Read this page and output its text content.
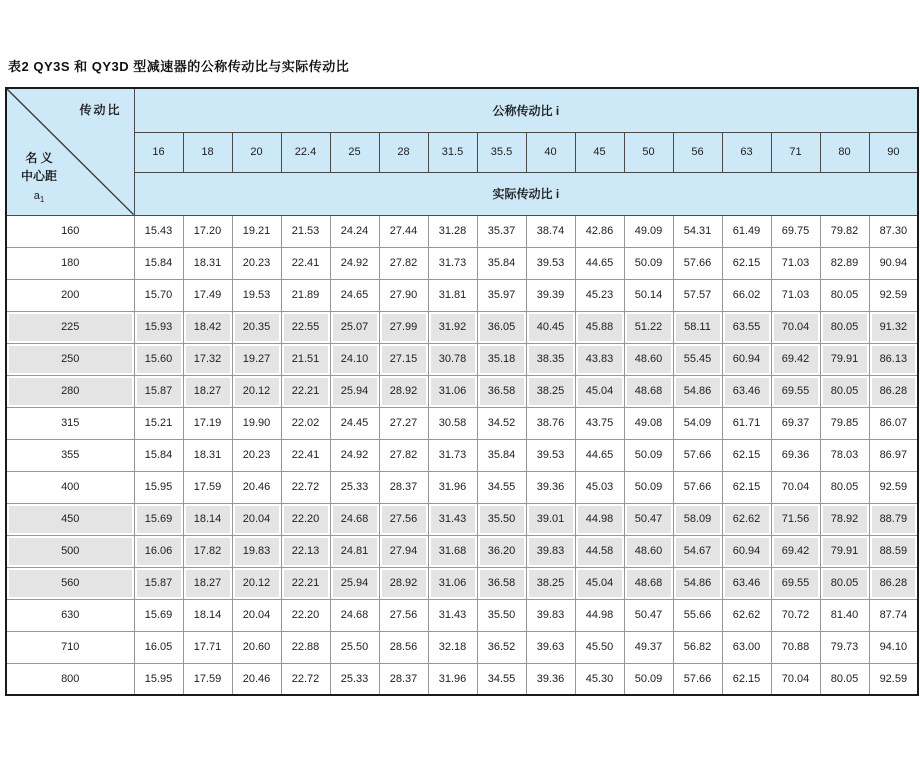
表2 QY3S 和 QY3D 型减速器的公称传动比与实际传动比
传动比
名 义
中心距
$a_1$	公称传动比 i															
	16	18	20	22.4	25	28	31.5	35.5	40	45	50	56	63	71	80	90
	实际传动比 i															
160	15.43	17.20	19.21	21.53	24.24	27.44	31.28	35.37	38.74	42.86	49.09	54.31	61.49	69.75	79.82	87.30
180	15.84	18.31	20.23	22.41	24.92	27.82	31.73	35.84	39.53	44.65	50.09	57.66	62.15	71.03	82.89	90.94
200	15.70	17.49	19.53	21.89	24.65	27.90	31.81	35.97	39.39	45.23	50.14	57.57	66.02	71.03	80.05	92.59
225	15.93	18.42	20.35	22.55	25.07	27.99	31.92	36.05	40.45	45.88	51.22	58.11	63.55	70.04	80.05	91.32
250	15.60	17.32	19.27	21.51	24.10	27.15	30.78	35.18	38.35	43.83	48.60	55.45	60.94	69.42	79.91	86.13
280	15.87	18.27	20.12	22.21	25.94	28.92	31.06	36.58	38.25	45.04	48.68	54.86	63.46	69.55	80.05	86.28
315	15.21	17.19	19.90	22.02	24.45	27.27	30.58	34.52	38.76	43.75	49.08	54.09	61.71	69.37	79.85	86.07
355	15.84	18.31	20.23	22.41	24.92	27.82	31.73	35.84	39.53	44.65	50.09	57.66	62.15	69.36	78.03	86.97
400	15.95	17.59	20.46	22.72	25.33	28.37	31.96	34.55	39.36	45.03	50.09	57.66	62.15	70.04	80.05	92.59
450	15.69	18.14	20.04	22.20	24.68	27.56	31.43	35.50	39.01	44.98	50.47	58.09	62.62	71.56	78.92	88.79
500	16.06	17.82	19.83	22.13	24.81	27.94	31.68	36.20	39.83	44.58	48.60	54.67	60.94	69.42	79.91	88.59
560	15.87	18.27	20.12	22.21	25.94	28.92	31.06	36.58	38.25	45.04	48.68	54.86	63.46	69.55	80.05	86.28
630	15.69	18.14	20.04	22.20	24.68	27.56	31.43	35.50	39.83	44.98	50.47	55.66	62.62	70.72	81.40	87.74
710	16.05	17.71	20.60	22.88	25.50	28.56	32.18	36.52	39.63	45.50	49.37	56.82	63.00	70.88	79.73	94.10
800	15.95	17.59	20.46	22.72	25.33	28.37	31.96	34.55	39.36	45.30	50.09	57.66	62.15	70.04	80.05	92.59
